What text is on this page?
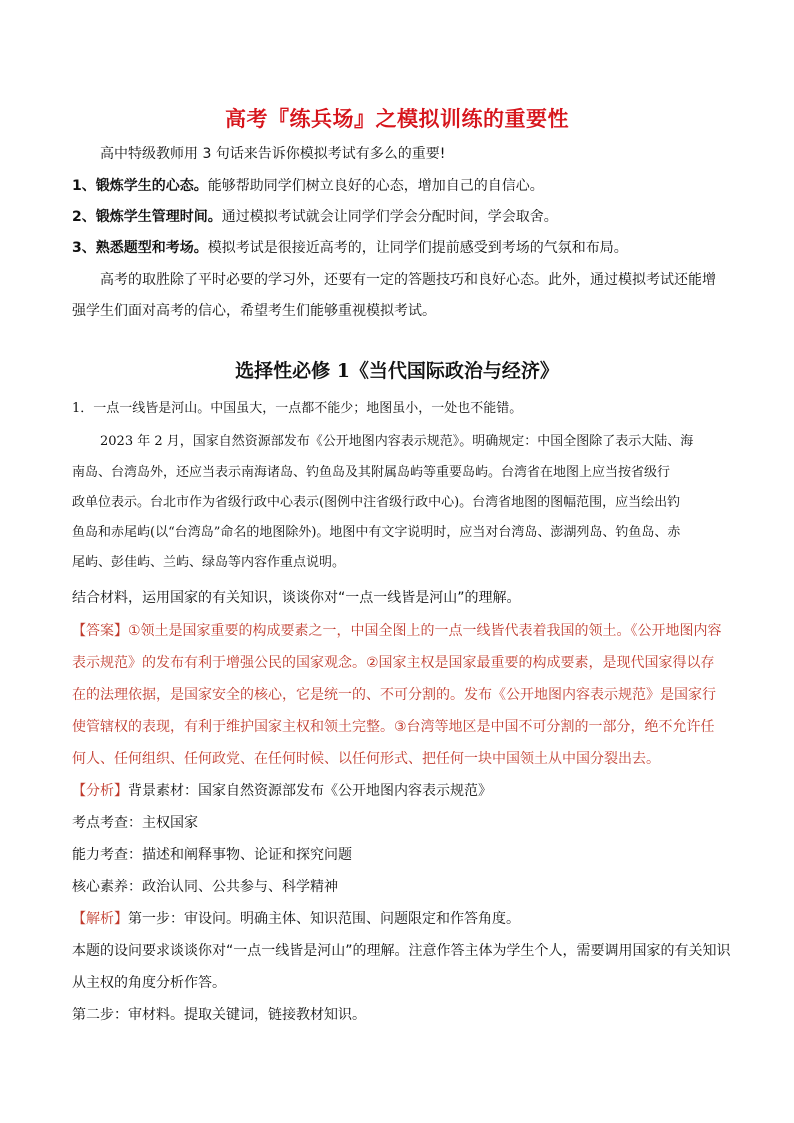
高考『练兵场』之模拟训练的重要性
高中特级教师用 3 句话来告诉你模拟考试有多么的重要!
1、锻炼学生的心态。能够帮助同学们树立良好的心态，增加自己的自信心。
2、锻炼学生管理时间。通过模拟考试就会让同学们学会分配时间，学会取舍。
3、熟悉题型和考场。模拟考试是很接近高考的，让同学们提前感受到考场的气氛和布局。
高考的取胜除了平时必要的学习外，还要有一定的答题技巧和良好心态。此外，通过模拟考试还能增
强学生们面对高考的信心，希望考生们能够重视模拟考试。
选择性必修 1《当代国际政治与经济》
1．一点一线皆是河山。中国虽大，一点都不能少；地图虽小，一处也不能错。
2023 年 2 月，国家自然资源部发布《公开地图内容表示规范》。明确规定：中国全图除了表示大陆、海
南岛、台湾岛外，还应当表示南海诸岛、钓鱼岛及其附属岛屿等重要岛屿。台湾省在地图上应当按省级行
政单位表示。台北市作为省级行政中心表示(图例中注省级行政中心)。台湾省地图的图幅范围，应当绘出钓
鱼岛和赤尾屿(以“台湾岛”命名的地图除外)。地图中有文字说明时，应当对台湾岛、澎湖列岛、钓鱼岛、赤
尾屿、彭佳屿、兰屿、绿岛等内容作重点说明。
结合材料，运用国家的有关知识，谈谈你对“一点一线皆是河山”的理解。
【答案】①领土是国家重要的构成要素之一，中国全图上的一点一线皆代表着我国的领土。《公开地图内容
表示规范》的发布有利于增强公民的国家观念。②国家主权是国家最重要的构成要素，是现代国家得以存
在的法理依据，是国家安全的核心，它是统一的、不可分割的。发布《公开地图内容表示规范》是国家行
使管辖权的表现，有利于维护国家主权和领土完整。③台湾等地区是中国不可分割的一部分，绝不允许任
何人、任何组织、任何政党、在任何时候、以任何形式、把任何一块中国领土从中国分裂出去。
【分析】背景素材：国家自然资源部发布《公开地图内容表示规范》
考点考查：主权国家
能力考查：描述和阐释事物、论证和探究问题
核心素养：政治认同、公共参与、科学精神
【解析】第一步：审设问。明确主体、知识范围、问题限定和作答角度。
本题的设问要求谈谈你对“一点一线皆是河山”的理解。注意作答主体为学生个人，需要调用国家的有关知识
从主权的角度分析作答。
第二步：审材料。提取关键词，链接教材知识。
